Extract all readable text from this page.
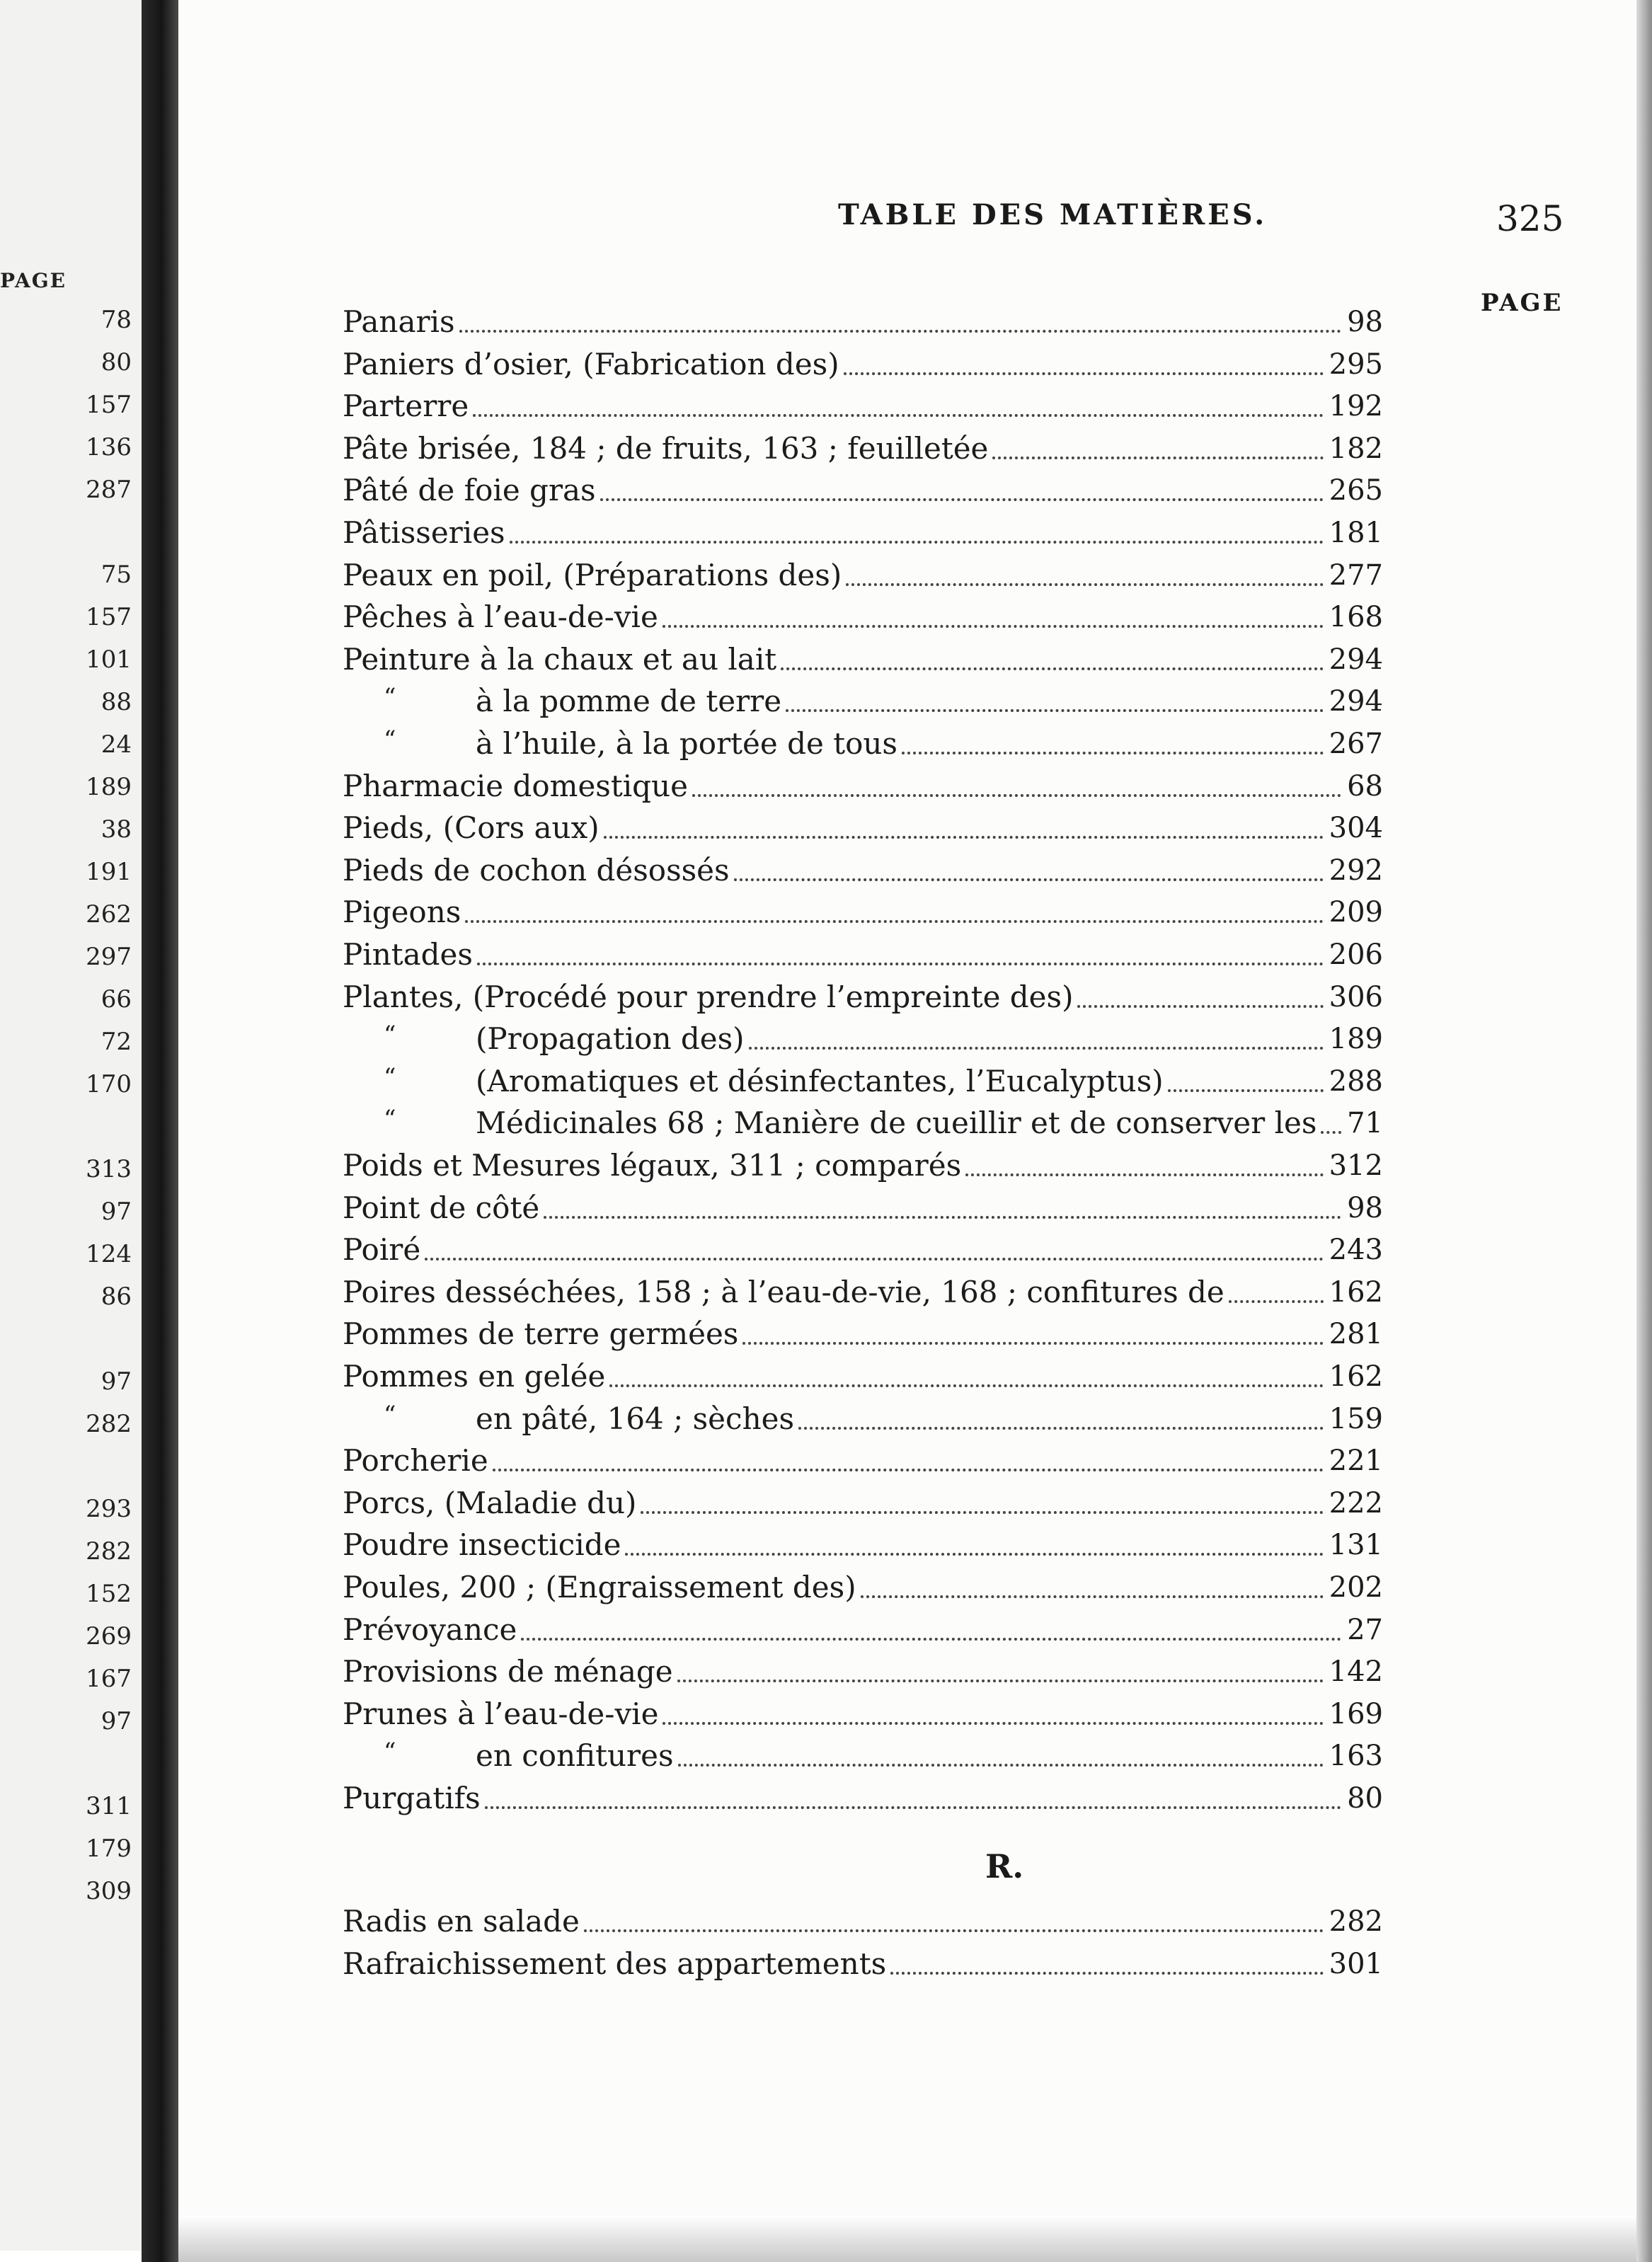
PAGE
78
80
157
136
287
75
157
101
88
24
189
38
191
262
297
66
72
170
313
97
124
86
97
282
293
282
152
269
167
97
311
179
309
TABLE DES MATIÈRES.	325
PAGE
Panaris	98
Paniers d’osier, (Fabrication des)	295
Parterre	192
Pâte brisée, 184 ; de fruits, 163 ; feuilletée	182
Pâté de foie gras	265
Pâtisseries	181
Peaux en poil, (Préparations des)	277
Pêches à l’eau-de-vie	168
Peinture à la chaux et au lait	294
“	à la pomme de terre	294
“	à l’huile, à la portée de tous	267
Pharmacie domestique	68
Pieds, (Cors aux)	304
Pieds de cochon désossés	292
Pigeons	209
Pintades	206
Plantes, (Procédé pour prendre l’empreinte des)	306
“	(Propagation des)	189
“	(Aromatiques et désinfectantes, l’Eucalyptus)	288
“	Médicinales 68 ; Manière de cueillir et de conserver les 71
Poids et Mesures légaux, 311 ; comparés	312
Point de côté	98
Poiré	243
Poires desséchées, 158 ; à l’eau-de-vie, 168 ; confitures de	162
Pommes de terre germées	281
Pommes en gelée	162
“	en pâté, 164 ; sèches	159
Porcherie	221
Porcs, (Maladie du)	222
Poudre insecticide	131
Poules, 200 ; (Engraissement des)	202
Prévoyance	27
Provisions de ménage	142
Prunes à l’eau-de-vie	169
“	en confitures	163
Purgatifs	80
R.
Radis en salade	282
Rafraichissement des appartements	301
